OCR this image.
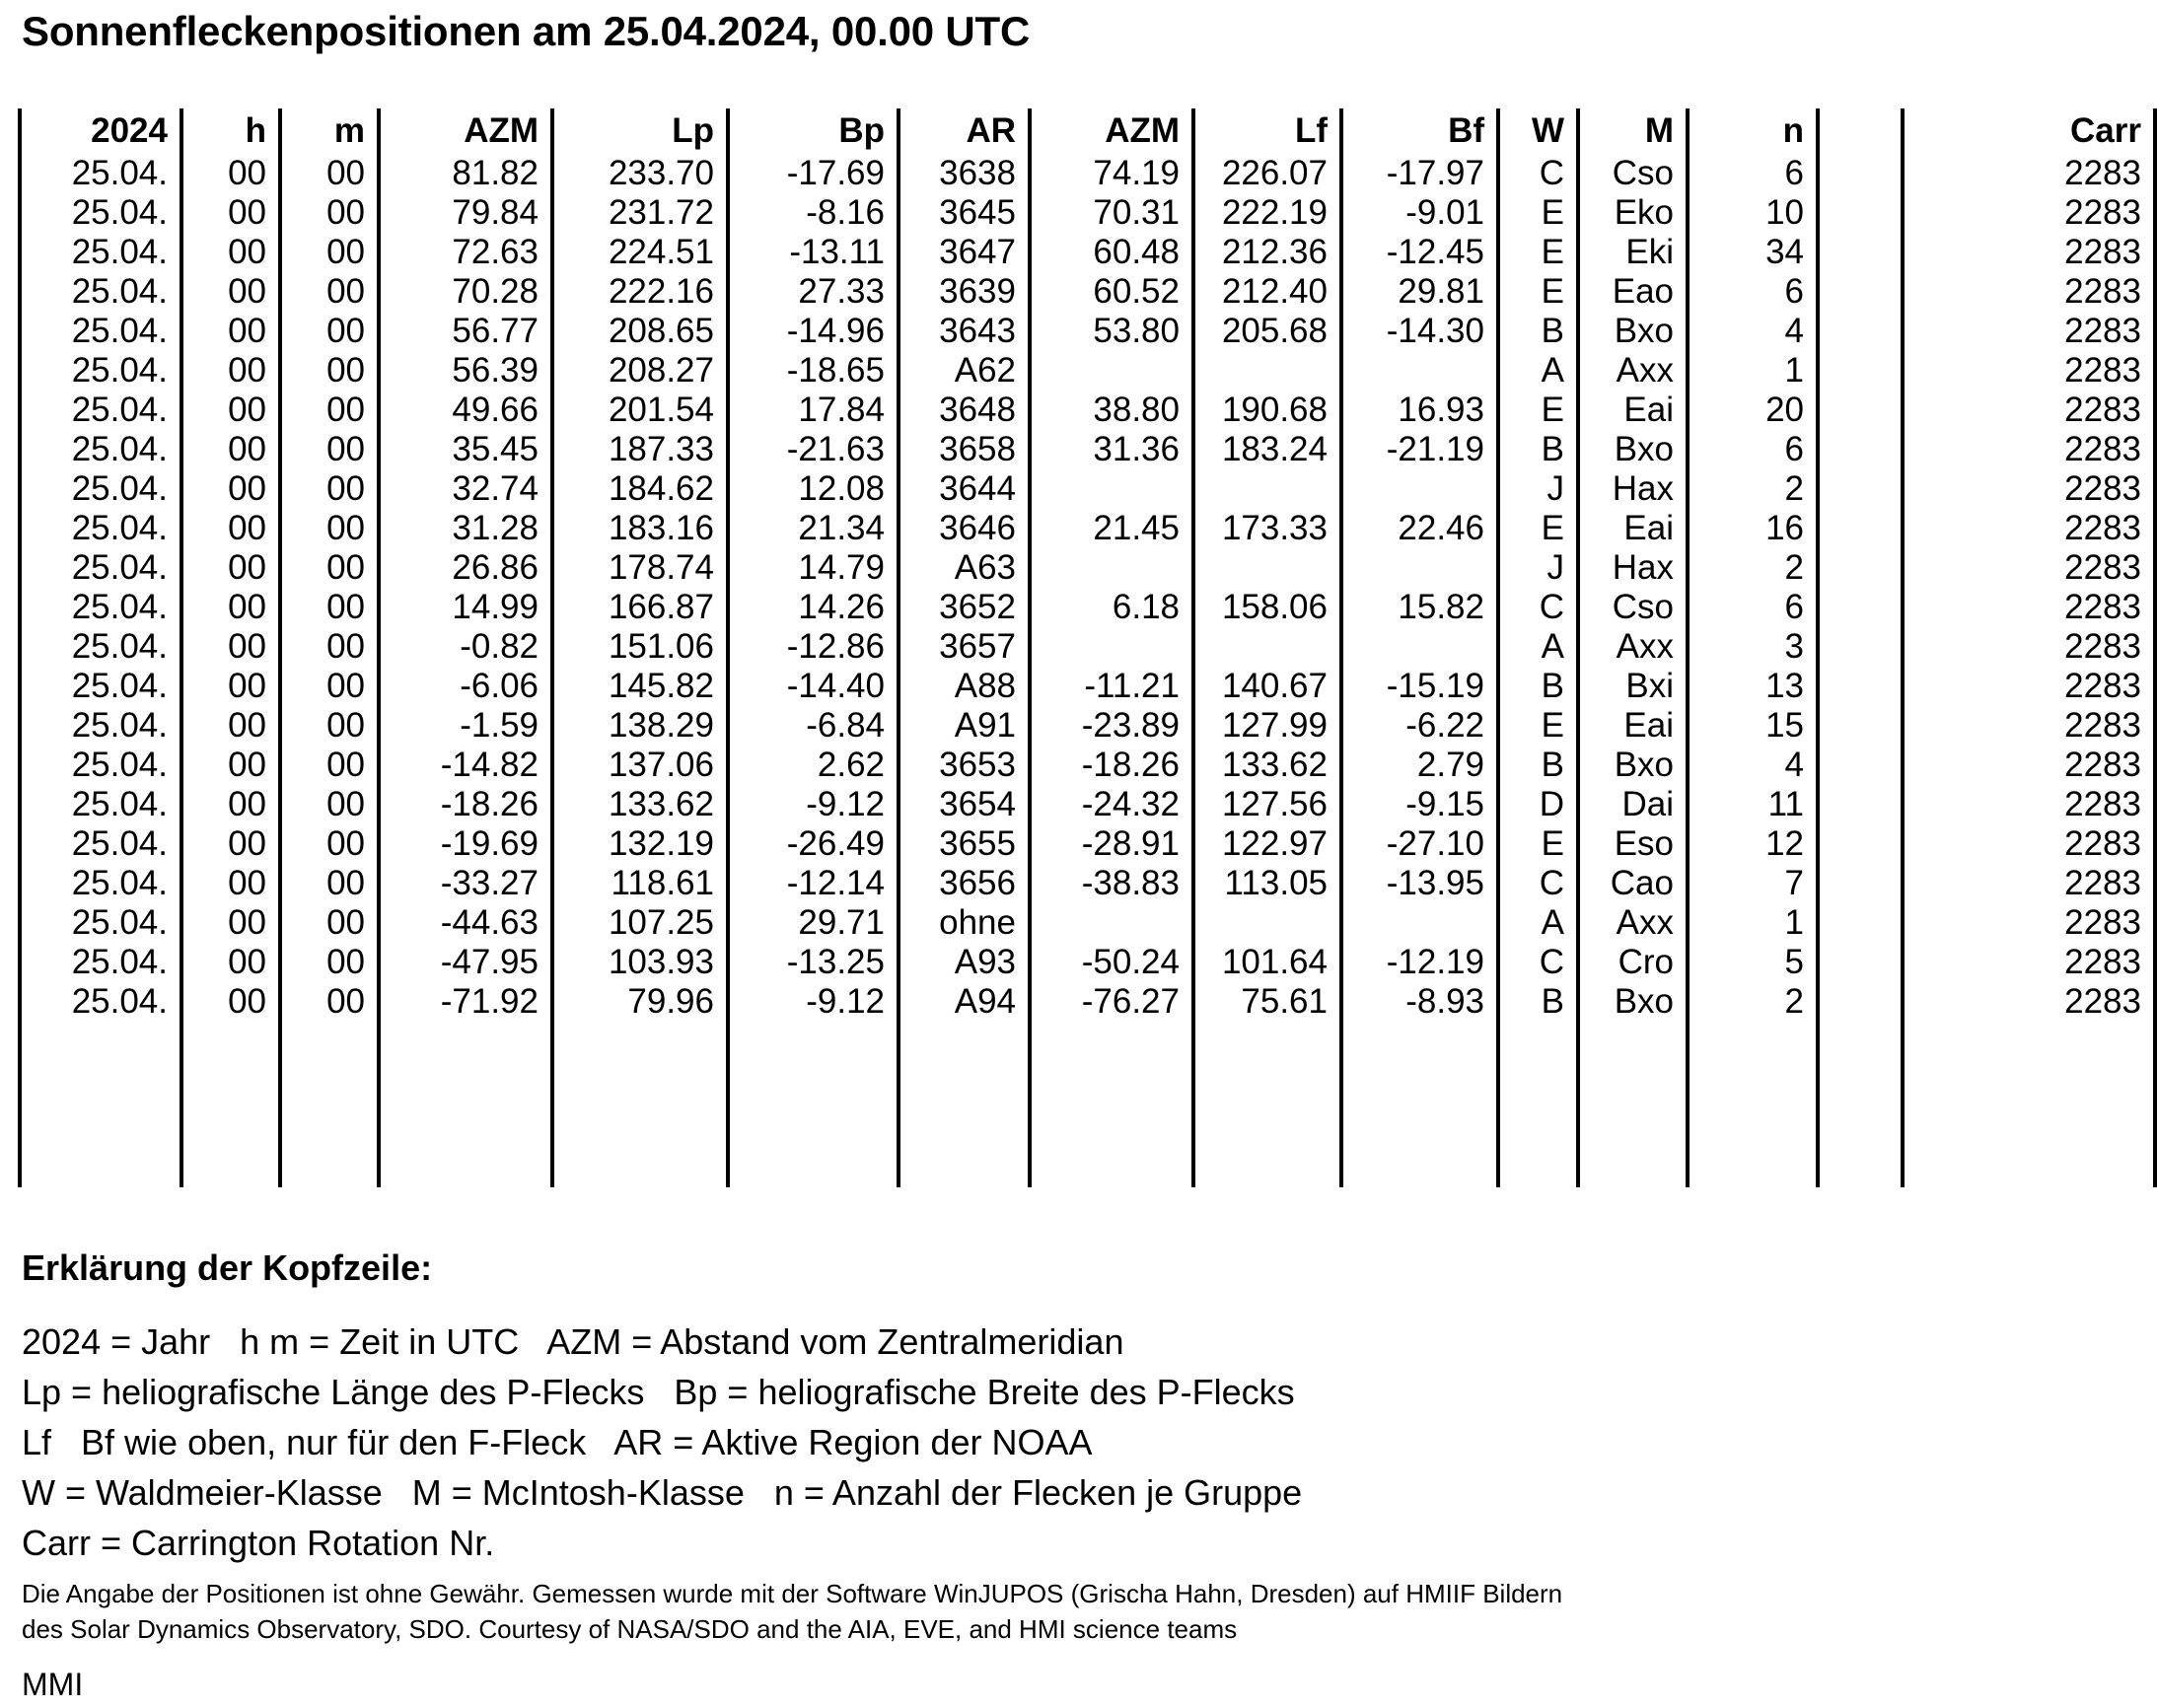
Sonnenfleckenpositionen am 25.04.2024, 00.00 UTC
2024	h	m	AZM	Lp	Bp	AR	AZM	Lf	Bf	W	M	n		Carr
25.04.	00	00	81.82	233.70	-17.69	3638	74.19	226.07	-17.97	C	Cso	6		2283
25.04.	00	00	79.84	231.72	-8.16	3645	70.31	222.19	-9.01	E	Eko	10		2283
25.04.	00	00	72.63	224.51	-13.11	3647	60.48	212.36	-12.45	E	Eki	34		2283
25.04.	00	00	70.28	222.16	27.33	3639	60.52	212.40	29.81	E	Eao	6		2283
25.04.	00	00	56.77	208.65	-14.96	3643	53.80	205.68	-14.30	B	Bxo	4		2283
25.04.	00	00	56.39	208.27	-18.65	A62				A	Axx	1		2283
25.04.	00	00	49.66	201.54	17.84	3648	38.80	190.68	16.93	E	Eai	20		2283
25.04.	00	00	35.45	187.33	-21.63	3658	31.36	183.24	-21.19	B	Bxo	6		2283
25.04.	00	00	32.74	184.62	12.08	3644				J	Hax	2		2283
25.04.	00	00	31.28	183.16	21.34	3646	21.45	173.33	22.46	E	Eai	16		2283
25.04.	00	00	26.86	178.74	14.79	A63				J	Hax	2		2283
25.04.	00	00	14.99	166.87	14.26	3652	6.18	158.06	15.82	C	Cso	6		2283
25.04.	00	00	-0.82	151.06	-12.86	3657				A	Axx	3		2283
25.04.	00	00	-6.06	145.82	-14.40	A88	-11.21	140.67	-15.19	B	Bxi	13		2283
25.04.	00	00	-1.59	138.29	-6.84	A91	-23.89	127.99	-6.22	E	Eai	15		2283
25.04.	00	00	-14.82	137.06	2.62	3653	-18.26	133.62	2.79	B	Bxo	4		2283
25.04.	00	00	-18.26	133.62	-9.12	3654	-24.32	127.56	-9.15	D	Dai	11		2283
25.04.	00	00	-19.69	132.19	-26.49	3655	-28.91	122.97	-27.10	E	Eso	12		2283
25.04.	00	00	-33.27	118.61	-12.14	3656	-38.83	113.05	-13.95	C	Cao	7		2283
25.04.	00	00	-44.63	107.25	29.71	ohne				A	Axx	1		2283
25.04.	00	00	-47.95	103.93	-13.25	A93	-50.24	101.64	-12.19	C	Cro	5		2283
25.04.	00	00	-71.92	79.96	-9.12	A94	-76.27	75.61	-8.93	B	Bxo	2		2283

Erklärung der Kopfzeile:
2024 = Jahr   h m = Zeit in UTC   AZM = Abstand vom Zentralmeridian
Lp = heliografische Länge des P-Flecks   Bp = heliografische Breite des P-Flecks
Lf   Bf wie oben, nur für den F-Fleck   AR = Aktive Region der NOAA
W = Waldmeier-Klasse   M = McIntosh-Klasse   n = Anzahl der Flecken je Gruppe
Carr = Carrington Rotation Nr.
Die Angabe der Positionen ist ohne Gewähr. Gemessen wurde mit der Software WinJUPOS (Grischa Hahn, Dresden) auf HMIIF Bildern
des Solar Dynamics Observatory, SDO. Courtesy of NASA/SDO and the AIA, EVE, and HMI science teams
MMI
